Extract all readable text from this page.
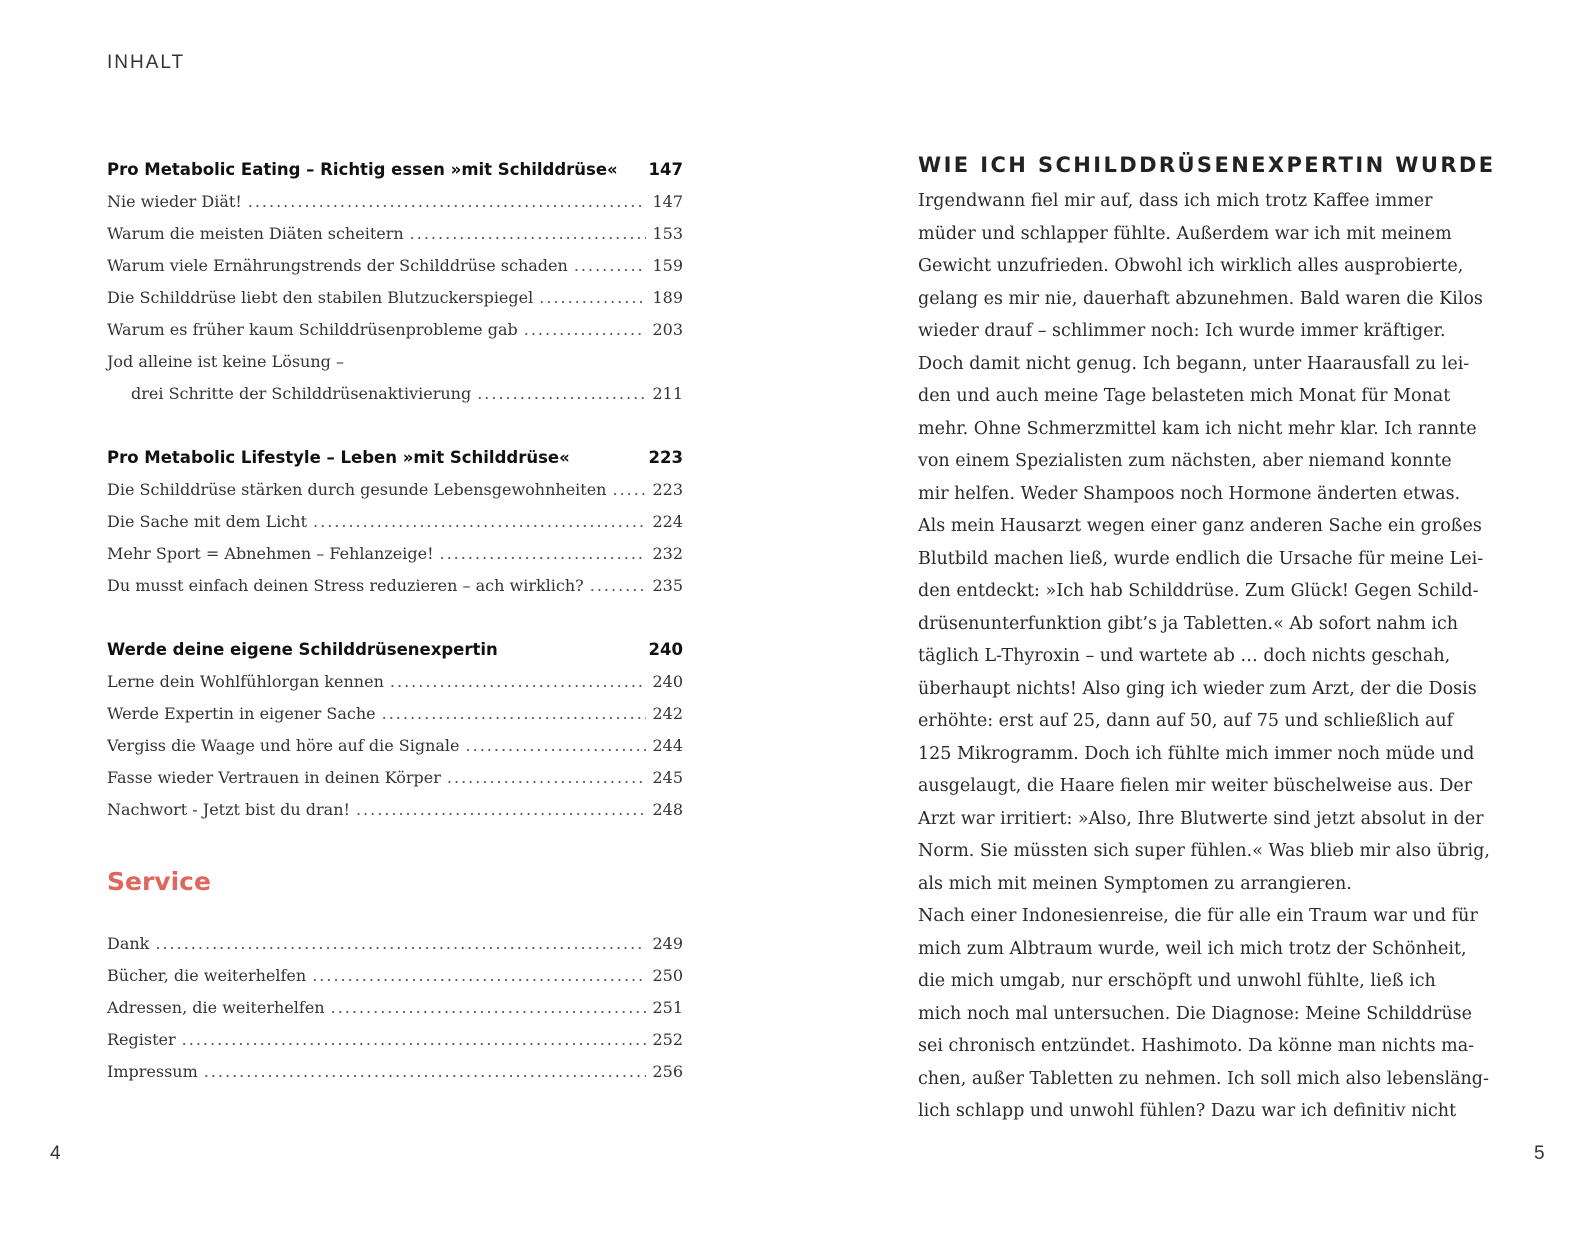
INHALT
Pro Metabolic Eating – Richtig essen »mit Schilddrüse« 147
Nie wieder Diät! .....	147
Warum die meisten Diäten scheitern .....	153
Warum viele Ernährungstrends der Schilddrüse schaden .....	159
Die Schilddrüse liebt den stabilen Blutzuckerspiegel .....	189
Warum es früher kaum Schilddrüsenprobleme gab .....	203
Jod alleine ist keine Lösung –
drei Schritte der Schilddrüsenaktivierung .....	211
Pro Metabolic Lifestyle – Leben »mit Schilddrüse«	223
Die Schilddrüse stärken durch gesunde Lebensgewohnheiten .....	223
Die Sache mit dem Licht .....	224
Mehr Sport = Abnehmen – Fehlanzeige! .....	232
Du musst einfach deinen Stress reduzieren – ach wirklich? .....	235
Werde deine eigene Schilddrüsenexpertin	240
Lerne dein Wohlfühlorgan kennen .....	240
Werde Expertin in eigener Sache .....	242
Vergiss die Waage und höre auf die Signale .....	244
Fasse wieder Vertrauen in deinen Körper .....	245
Nachwort - Jetzt bist du dran! .....	248
Service
Dank .....	249
Bücher, die weiterhelfen .....	250
Adressen, die weiterhelfen .....	251
Register .....	252
Impressum .....	256
WIE ICH SCHILDDRÜSENEXPERTIN WURDE
Irgendwann fiel mir auf, dass ich mich trotz Kaffee immer
müder und schlapper fühlte. Außerdem war ich mit meinem
Gewicht unzufrieden. Obwohl ich wirklich alles ausprobierte,
gelang es mir nie, dauerhaft abzunehmen. Bald waren die Kilos
wieder drauf – schlimmer noch: Ich wurde immer kräftiger.
Doch damit nicht genug. Ich begann, unter Haarausfall zu lei-
den und auch meine Tage belasteten mich Monat für Monat
mehr. Ohne Schmerzmittel kam ich nicht mehr klar. Ich rannte
von einem Spezialisten zum nächsten, aber niemand konnte
mir helfen. Weder Shampoos noch Hormone änderten etwas.
Als mein Hausarzt wegen einer ganz anderen Sache ein großes
Blutbild machen ließ, wurde endlich die Ursache für meine Lei-
den entdeckt: »Ich hab Schilddrüse. Zum Glück! Gegen Schild-
drüsenunterfunktion gibt’s ja Tabletten.« Ab sofort nahm ich
täglich L-Thyroxin – und wartete ab … doch nichts geschah,
überhaupt nichts! Also ging ich wieder zum Arzt, der die Dosis
erhöhte: erst auf 25, dann auf 50, auf 75 und schließlich auf
125 Mikrogramm. Doch ich fühlte mich immer noch müde und
ausgelaugt, die Haare fielen mir weiter büschelweise aus. Der
Arzt war irritiert: »Also, Ihre Blutwerte sind jetzt absolut in der
Norm. Sie müssten sich super fühlen.« Was blieb mir also übrig,
als mich mit meinen Symptomen zu arrangieren.
Nach einer Indonesienreise, die für alle ein Traum war und für
mich zum Albtraum wurde, weil ich mich trotz der Schönheit,
die mich umgab, nur erschöpft und unwohl fühlte, ließ ich
mich noch mal untersuchen. Die Diagnose: Meine Schilddrüse
sei chronisch entzündet. Hashimoto. Da könne man nichts ma-
chen, außer Tabletten zu nehmen. Ich soll mich also lebensläng-
lich schlapp und unwohl fühlen? Dazu war ich definitiv nicht
4	5
